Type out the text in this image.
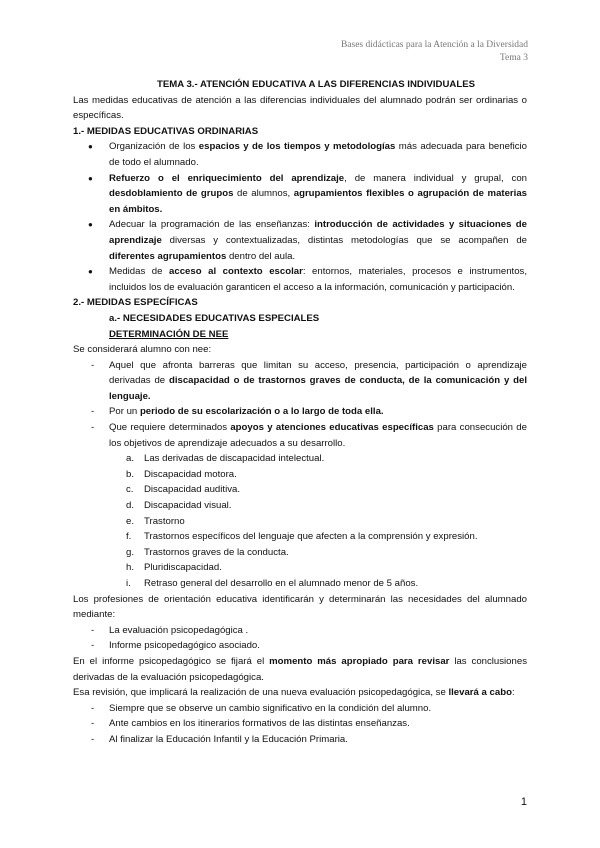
Bases didácticas para la Atención a la Diversidad
Tema 3
TEMA 3.- ATENCIÓN EDUCATIVA A LAS DIFERENCIAS INDIVIDUALES
Las medidas educativas de atención a las diferencias individuales del alumnado podrán ser ordinarias o específicas.
1.- MEDIDAS EDUCATIVAS ORDINARIAS
● Organización de los espacios y de los tiempos y metodologías más adecuada para beneficio de todo el alumnado.
● Refuerzo o el enriquecimiento del aprendizaje, de manera individual y grupal, con desdoblamiento de grupos de alumnos, agrupamientos flexibles o agrupación de materias en ámbitos.
● Adecuar la programación de las enseñanzas: introducción de actividades y situaciones de aprendizaje diversas y contextualizadas, distintas metodologías que se acompañen de diferentes agrupamientos dentro del aula.
● Medidas de acceso al contexto escolar: entornos, materiales, procesos e instrumentos, incluidos los de evaluación garanticen el acceso a la información, comunicación y participación.
2.- MEDIDAS ESPECÍFICAS
a.- NECESIDADES EDUCATIVAS ESPECIALES
DETERMINACIÓN DE NEE
Se considerará alumno con nee:
- Aquel que afronta barreras que limitan su acceso, presencia, participación o aprendizaje derivadas de discapacidad o de trastornos graves de conducta, de la comunicación y del lenguaje.
- Por un periodo de su escolarización o a lo largo de toda ella.
- Que requiere determinados apoyos y atenciones educativas específicas para consecución de los objetivos de aprendizaje adecuados a su desarrollo.
a. Las derivadas de discapacidad intelectual.
b. Discapacidad motora.
c. Discapacidad auditiva.
d. Discapacidad visual.
e. Trastorno
f. Trastornos específicos del lenguaje que afecten a la comprensión y expresión.
g. Trastornos graves de la conducta.
h. Pluridiscapacidad.
i. Retraso general del desarrollo en el alumnado menor de 5 años.
Los profesiones de orientación educativa identificarán y determinarán las necesidades del alumnado mediante:
- La evaluación psicopedagógica .
- Informe psicopedagógico asociado.
En el informe psicopedagógico se fijará el momento más apropiado para revisar las conclusiones derivadas de la evaluación psicopedagógica.
Esa revisión, que implicará la realización de una nueva evaluación psicopedagógica, se llevará a cabo:
- Siempre que se observe un cambio significativo en la condición del alumno.
- Ante cambios en los itinerarios formativos de las distintas enseñanzas.
- Al finalizar la Educación Infantil y la Educación Primaria.
1
